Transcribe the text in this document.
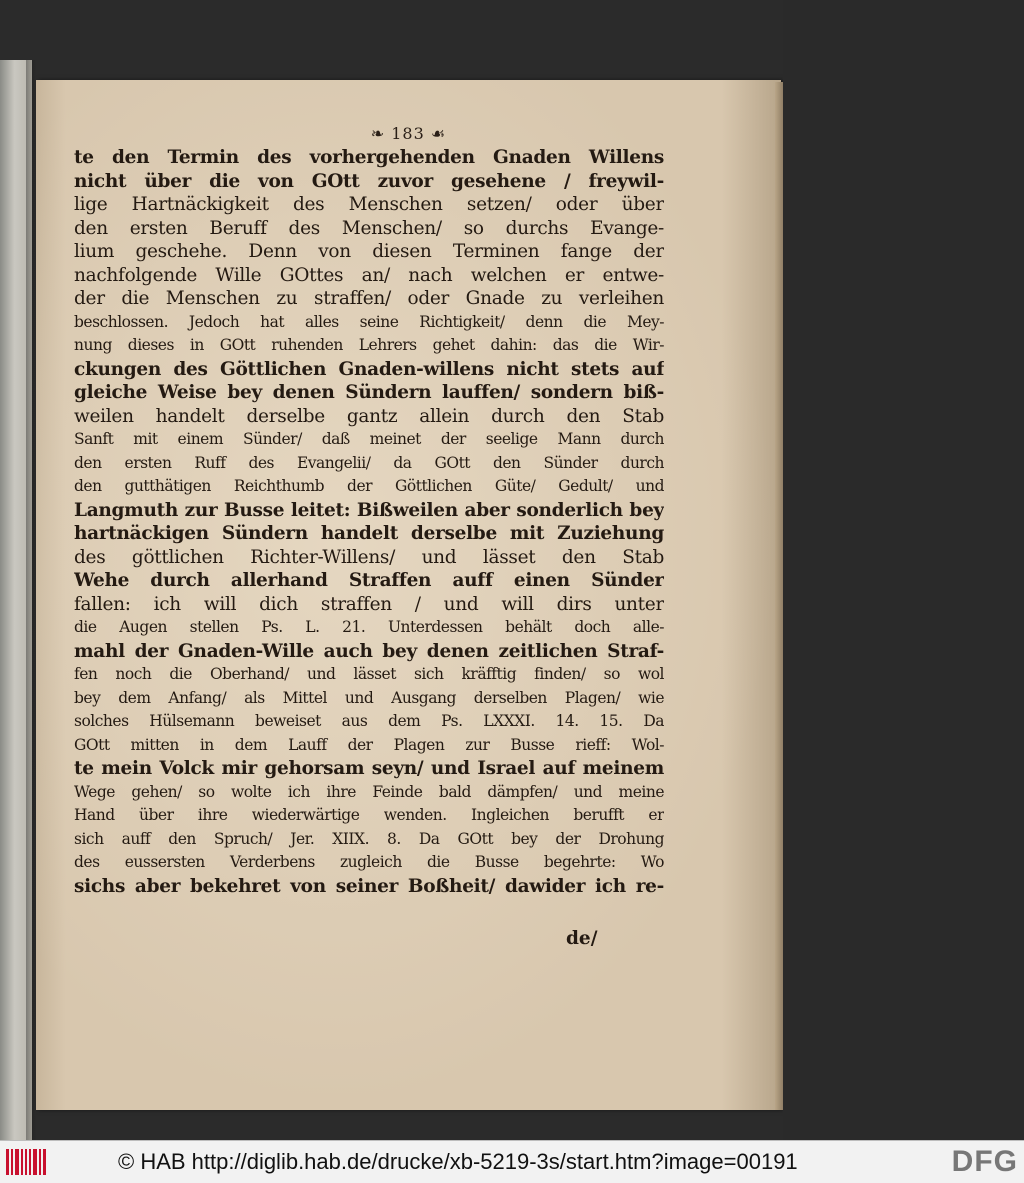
❧ 183 ☙
te den Termin des vorhergehenden Gnaden Willens
nicht über die von GOtt zuvor gesehene / freywil-
lige Hartnäckigkeit des Menschen setzen/ oder über
den ersten Beruff des Menschen/ so durchs Evange-
lium geschehe. Denn von diesen Terminen fange der
nachfolgende Wille GOttes an/ nach welchen er entwe-
der die Menschen zu straffen/ oder Gnade zu verleihen
beschlossen. Jedoch hat alles seine Richtigkeit/ denn die Mey-
nung dieses in GOtt ruhenden Lehrers gehet dahin: das die Wir-
ckungen des Göttlichen Gnaden-willens nicht stets auf
gleiche Weise bey denen Sündern lauffen/ sondern biß-
weilen handelt derselbe gantz allein durch den Stab
Sanft mit einem Sünder/ daß meinet der seelige Mann durch
den ersten Ruff des Evangelii/ da GOtt den Sünder durch
den gutthätigen Reichthumb der Göttlichen Güte/ Gedult/ und
Langmuth zur Busse leitet: Bißweilen aber sonderlich bey
hartnäckigen Sündern handelt derselbe mit Zuziehung
des göttlichen Richter-Willens/ und lässet den Stab
Wehe durch allerhand Straffen auff einen Sünder
fallen: ich will dich straffen / und will dirs unter
die Augen stellen Ps. L. 21. Unterdessen behält doch alle-
mahl der Gnaden-Wille auch bey denen zeitlichen Straf-
fen noch die Oberhand/ und lässet sich kräfftig finden/ so wol
bey dem Anfang/ als Mittel und Ausgang derselben Plagen/ wie
solches Hülsemann beweiset aus dem Ps. LXXXI. 14. 15. Da
GOtt mitten in dem Lauff der Plagen zur Busse rieff: Wol-
te mein Volck mir gehorsam seyn/ und Israel auf meinem
Wege gehen/ so wolte ich ihre Feinde bald dämpfen/ und meine
Hand über ihre wiederwärtige wenden. Ingleichen berufft er
sich auff den Spruch/ Jer. XIIX. 8. Da GOtt bey der Drohung
des eussersten Verderbens zugleich die Busse begehrte: Wo
sichs aber bekehret von seiner Boßheit/ dawider ich re-
de/
© HAB http://diglib.hab.de/drucke/xb-5219-3s/start.htm?image=00191	DFG
